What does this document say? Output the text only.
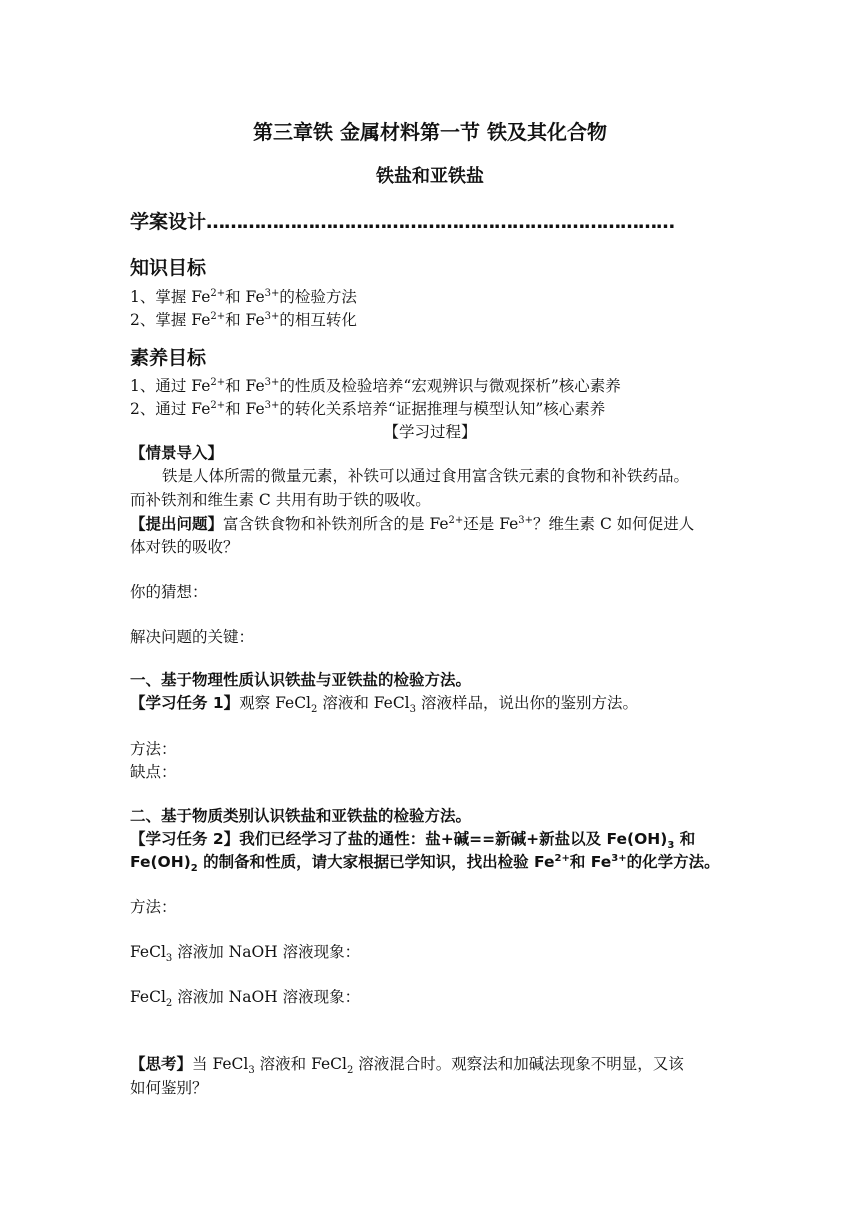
第三章铁 金属材料第一节 铁及其化合物
铁盐和亚铁盐
学案设计……………………………………………………………………
知识目标
1、掌握 $Fe^{2+}$和 $Fe^{3+}$的检验方法
2、掌握 $Fe^{2+}$和 $Fe^{3+}$的相互转化
素养目标
1、通过 $Fe^{2+}$和 $Fe^{3+}$的性质及检验培养“宏观辨识与微观探析”核心素养
2、通过 $Fe^{2+}$和 $Fe^{3+}$的转化关系培养“证据推理与模型认知”核心素养
【学习过程】
【情景导入】
铁是人体所需的微量元素，补铁可以通过食用富含铁元素的食物和补铁药品。
而补铁剂和维生素 C 共用有助于铁的吸收。
【提出问题】富含铁食物和补铁剂所含的是 $Fe^{2+}$还是 $Fe^{3+}$？维生素 C 如何促进人
体对铁的吸收？
你的猜想：
解决问题的关键：
一、基于物理性质认识铁盐与亚铁盐的检验方法。
【学习任务 1】观察 FeCl$_2$ 溶液和 FeCl$_3$ 溶液样品，说出你的鉴别方法。
方法：
缺点：
二、基于物质类别认识铁盐和亚铁盐的检验方法。
【学习任务 2】我们已经学习了盐的通性：盐+碱==新碱+新盐以及 $Fe(OH)_3$ 和
$Fe(OH)_2$ 的制备和性质，请大家根据已学知识，找出检验 $Fe^{2+}$和 $Fe^{3+}$的化学方法。
方法：
FeCl$_3$ 溶液加 NaOH 溶液现象：
FeCl$_2$ 溶液加 NaOH 溶液现象：
【思考】当 FeCl$_3$ 溶液和 FeCl$_2$ 溶液混合时。观察法和加碱法现象不明显，又该
如何鉴别？
